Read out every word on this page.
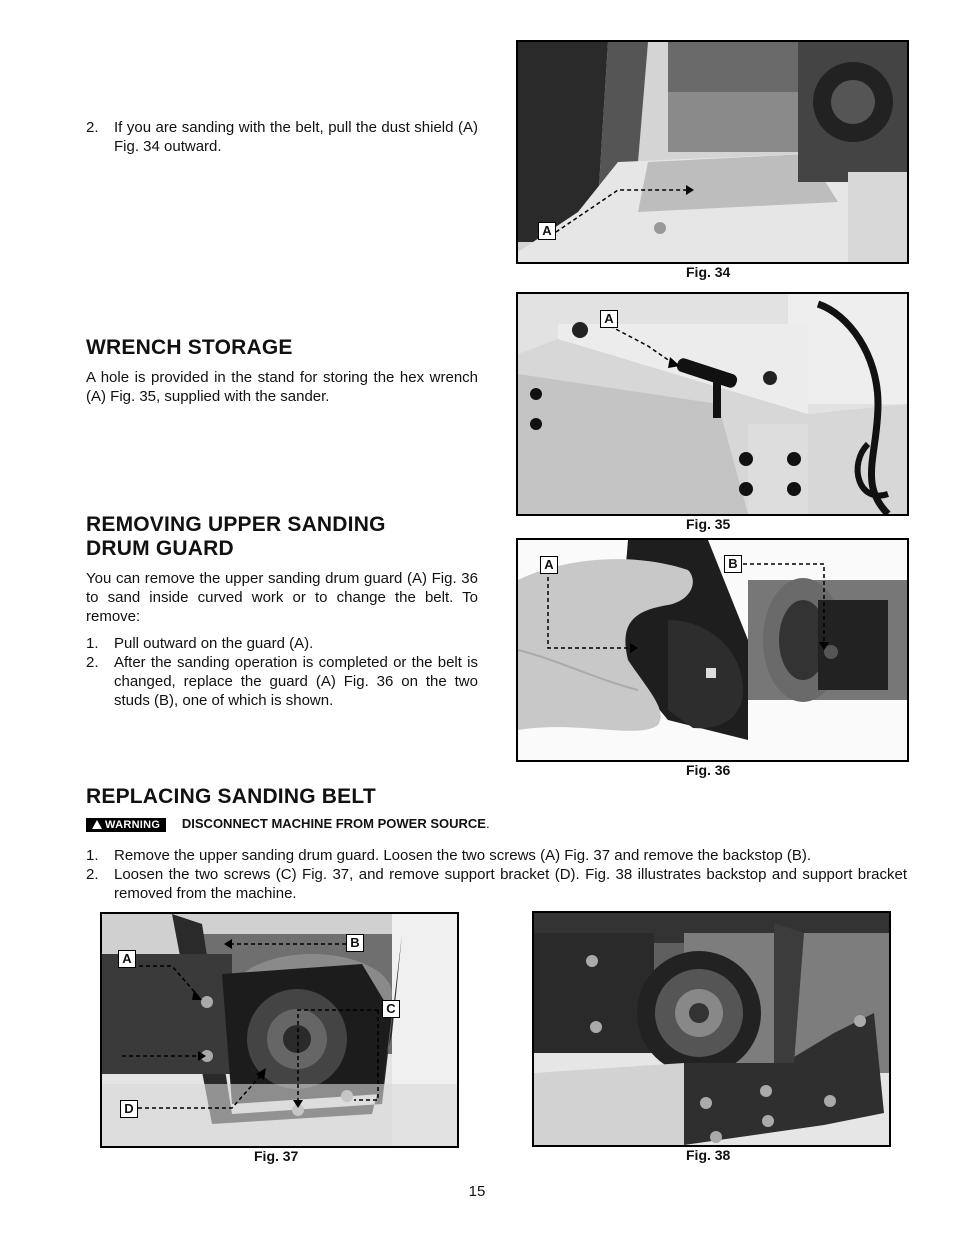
2.	If you are sanding with the belt, pull the dust shield (A) Fig. 34 outward.
A
Fig. 34
WRENCH STORAGE
A hole is provided in the stand for storing the hex wrench (A) Fig. 35, supplied with the sander.
A
Fig. 35
REMOVING UPPER SANDING
DRUM GUARD
You can remove the upper sanding drum guard (A) Fig. 36 to sand inside curved work or to change the belt. To remove:
1.	Pull outward on the guard (A).
2.	After the sanding operation is completed or the belt is changed, replace the guard (A) Fig. 36 on the two studs (B), one of which is shown.
A	B
Fig. 36
REPLACING SANDING BELT
WARNING DISCONNECT MACHINE FROM POWER SOURCE.
1.	Remove the upper sanding drum guard. Loosen the two screws (A) Fig. 37 and remove the backstop (B).
2.	Loosen the two screws (C) Fig. 37, and remove support bracket (D). Fig. 38 illustrates backstop and support bracket removed from the machine.
A
B
C
D
Fig. 37	Fig. 38
15
